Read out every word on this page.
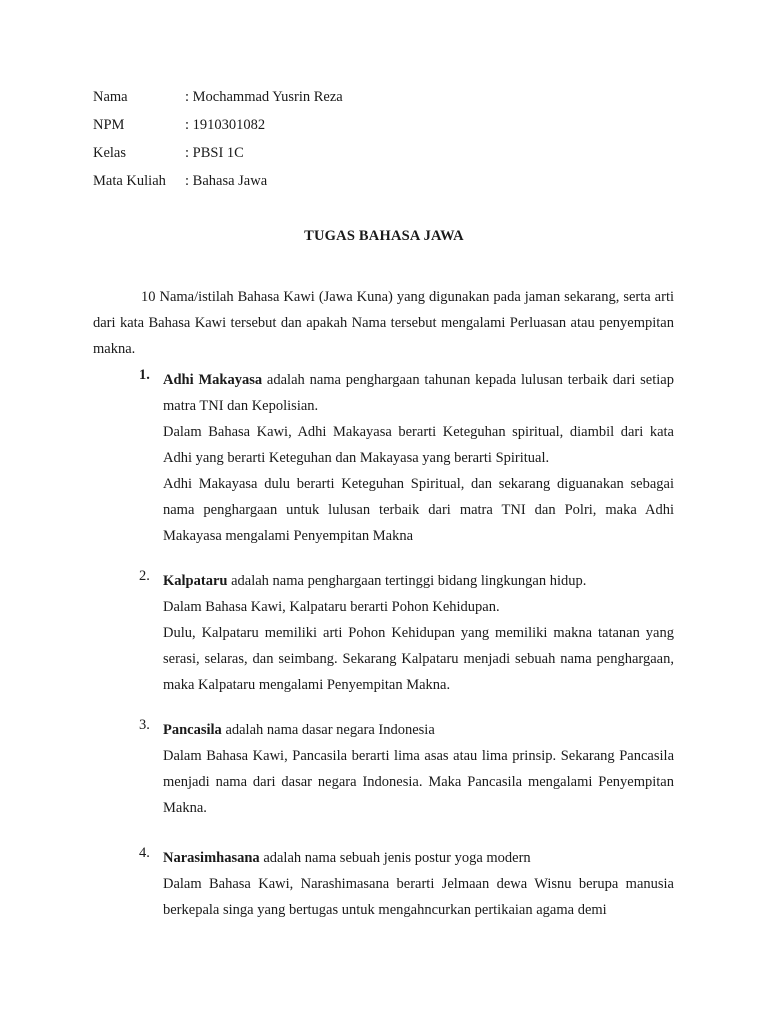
Nama	: Mochammad Yusrin Reza
NPM	: 1910301082
Kelas	: PBSI 1C
Mata Kuliah	: Bahasa Jawa
TUGAS BAHASA JAWA
10 Nama/istilah Bahasa Kawi (Jawa Kuna) yang digunakan pada jaman sekarang, serta arti dari kata Bahasa Kawi tersebut dan apakah Nama tersebut mengalami Perluasan atau penyempitan makna.
1. Adhi Makayasa adalah nama penghargaan tahunan kepada lulusan terbaik dari setiap matra TNI dan Kepolisian.

Dalam Bahasa Kawi, Adhi Makayasa berarti Keteguhan spiritual, diambil dari kata Adhi yang berarti Keteguhan dan Makayasa yang berarti Spiritual.

Adhi Makayasa dulu berarti Keteguhan Spiritual, dan sekarang diguanakan sebagai nama penghargaan untuk lulusan terbaik dari matra TNI dan Polri, maka Adhi Makayasa mengalami Penyempitan Makna

2. Kalpataru adalah nama penghargaan tertinggi bidang lingkungan hidup.

Dalam Bahasa Kawi, Kalpataru berarti Pohon Kehidupan.

Dulu, Kalpataru memiliki arti Pohon Kehidupan yang memiliki makna tatanan yang serasi, selaras, dan seimbang. Sekarang Kalpataru menjadi sebuah nama penghargaan, maka Kalpataru mengalami Penyempitan Makna.

3. Pancasila adalah nama dasar negara Indonesia

Dalam Bahasa Kawi, Pancasila berarti lima asas atau lima prinsip. Sekarang Pancasila menjadi nama dari dasar negara Indonesia. Maka Pancasila mengalami Penyempitan Makna.

4. Narasimhasana adalah nama sebuah jenis postur yoga modern

Dalam Bahasa Kawi, Narashimasana berarti Jelmaan dewa Wisnu berupa manusia berkepala singa yang bertugas untuk mengahncurkan pertikaian agama demi
